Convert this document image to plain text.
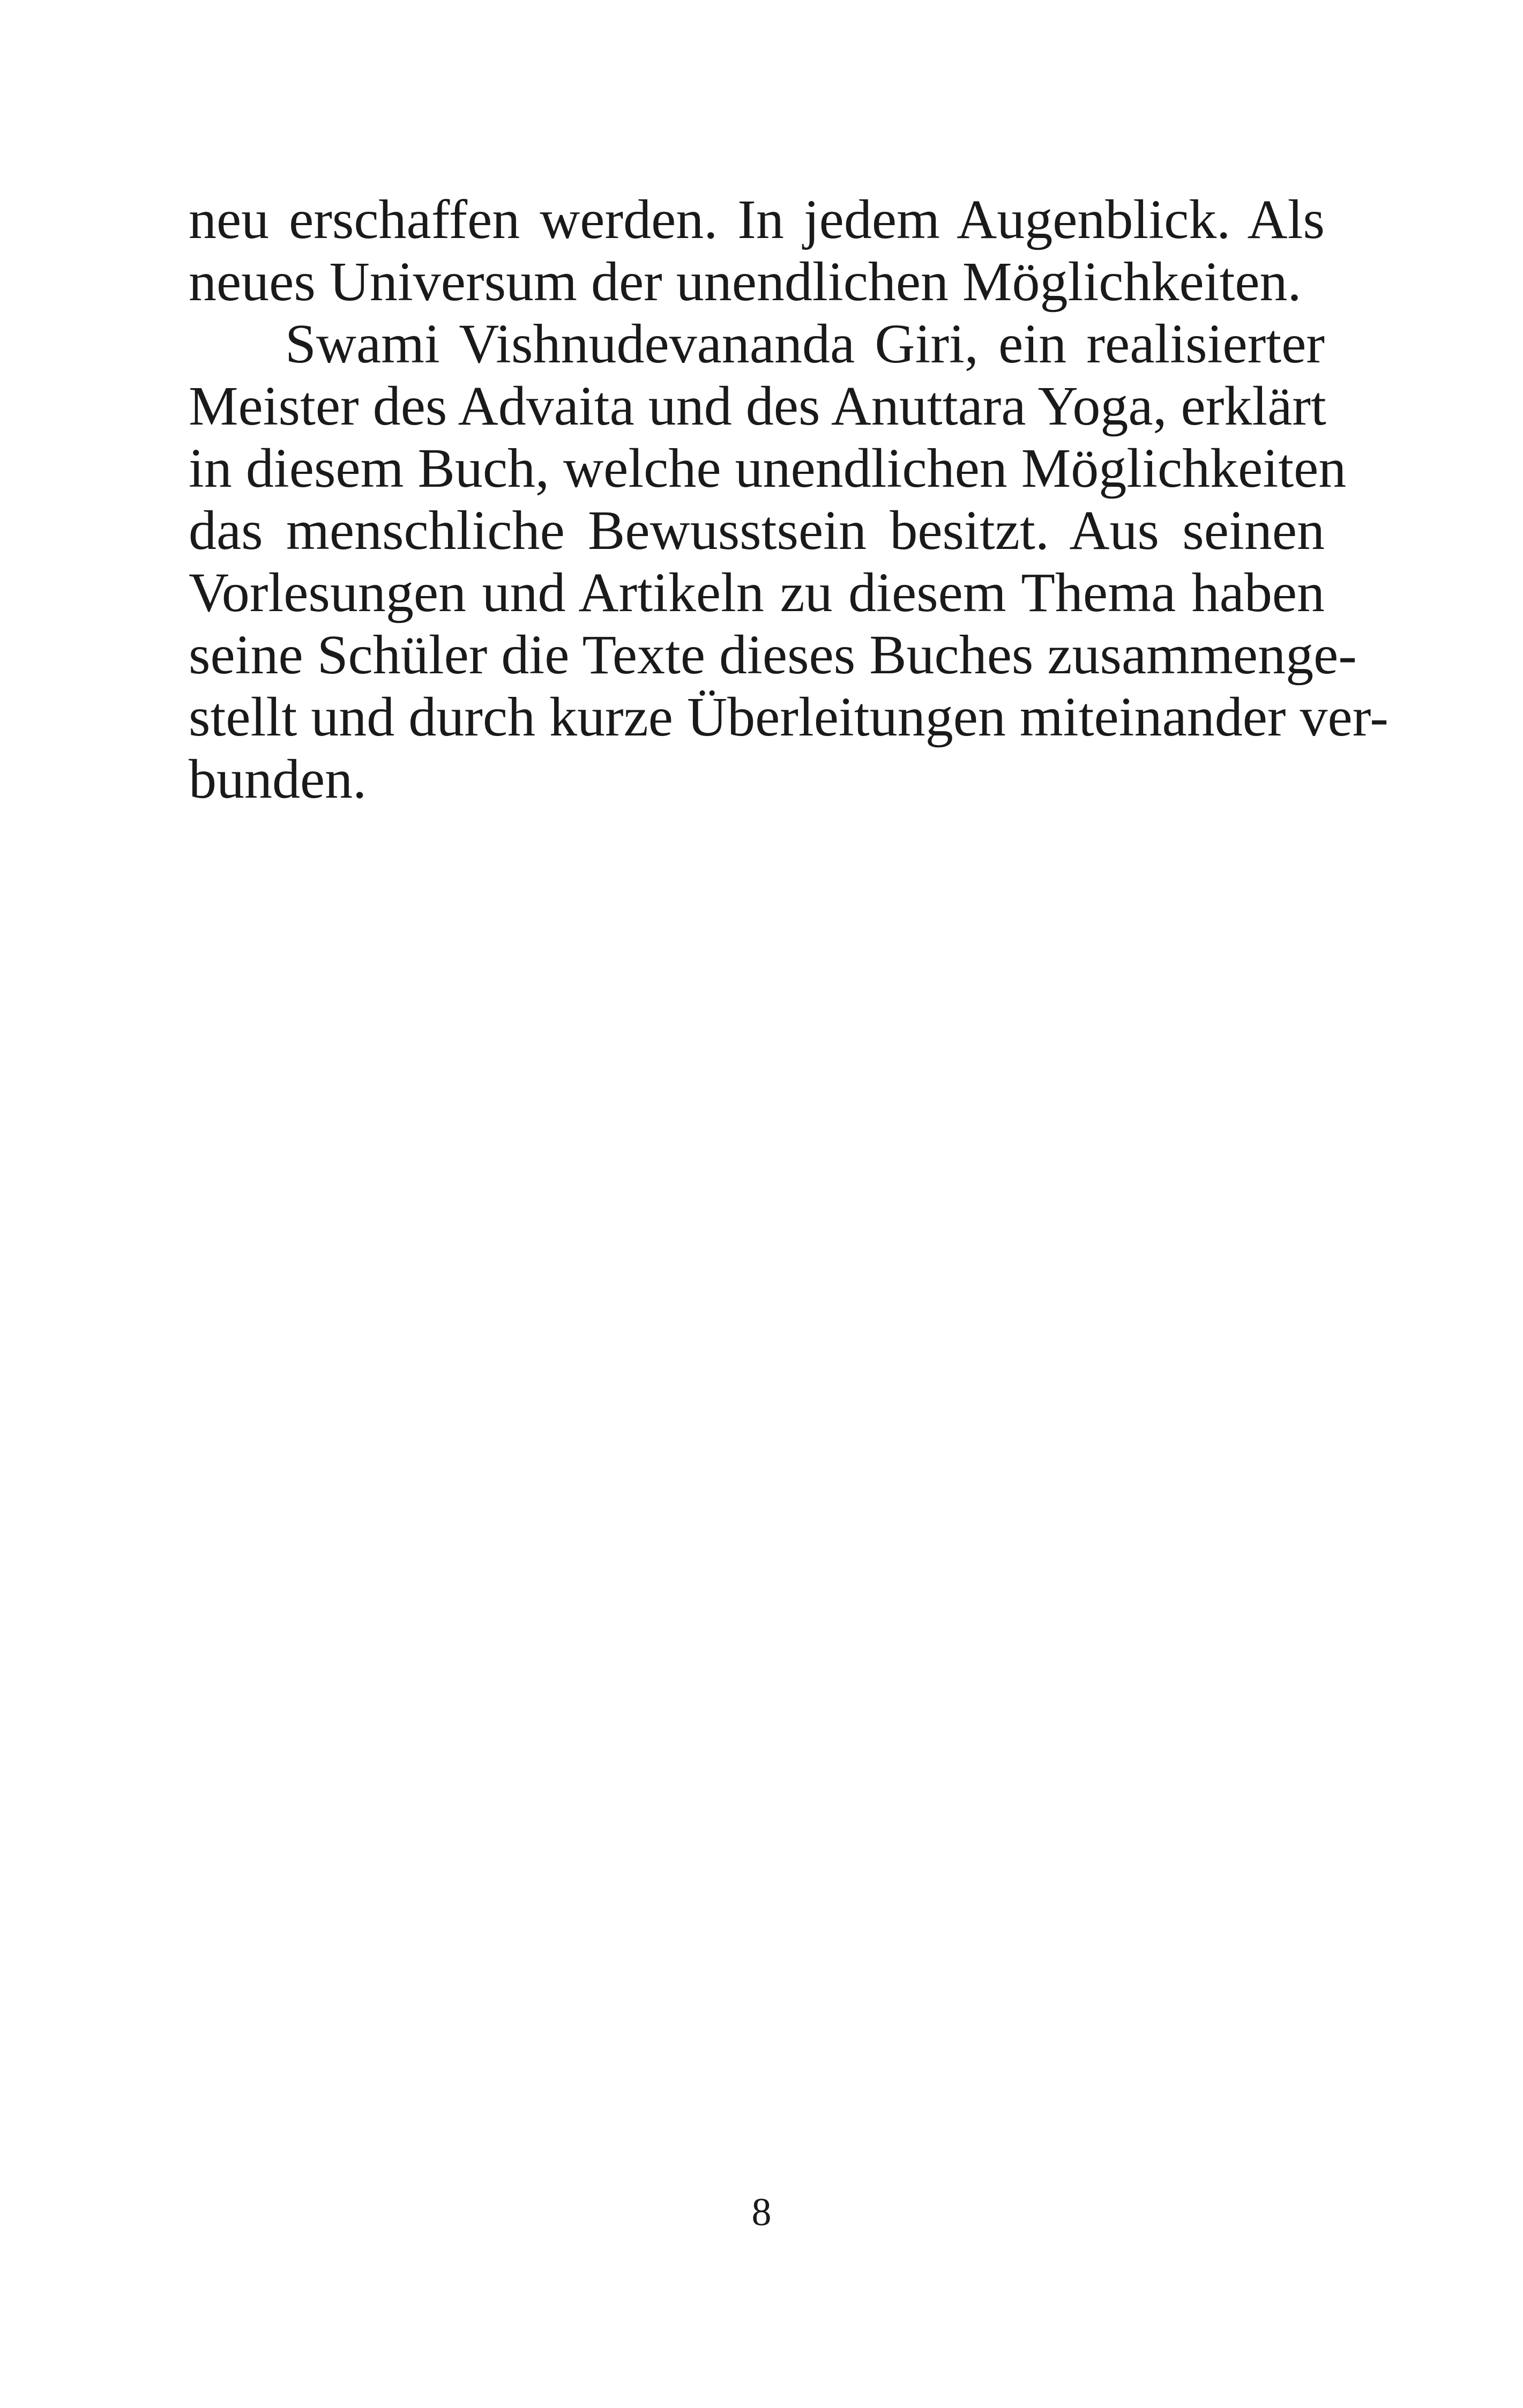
neu erschaffen werden. In jedem Augenblick. Als
neues Universum der unendlichen Möglichkeiten.
Swami Vishnudevananda Giri, ein realisierter
Meister des Advaita und des Anuttara Yoga, erklärt
in diesem Buch, welche unendlichen Möglichkeiten
das menschliche Bewusstsein besitzt. Aus seinen
Vorlesungen und Artikeln zu diesem Thema haben
seine Schüler die Texte dieses Buches zusammenge-
stellt und durch kurze Überleitungen miteinander ver-
bunden.
8
